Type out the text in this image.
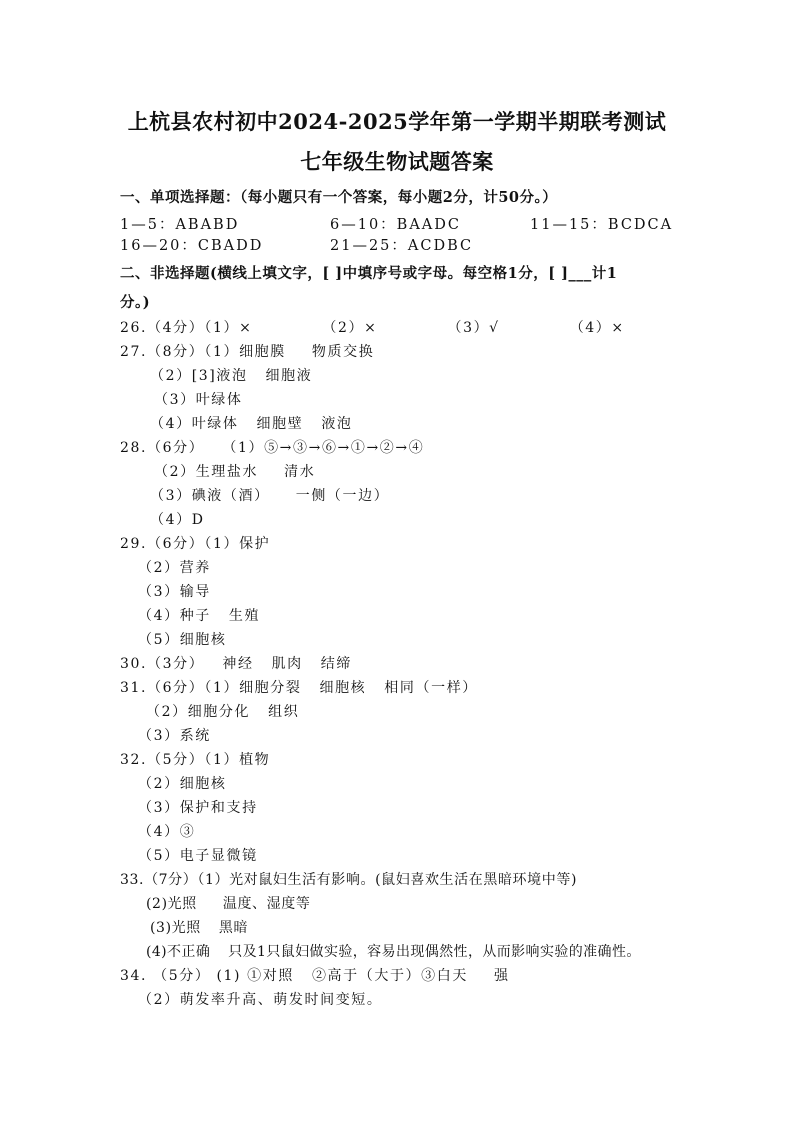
上杭县农村初中2024-2025学年第一学期半期联考测试
七年级生物试题答案
一、单项选择题：（每小题只有一个答案，每小题2分，计50分。）
1—5：ABABD	6—10：BAADC	11—15：BCDCA
16—20：CBADD	21—25：ACDBC
二、非选择题(横线上填文字，[ ]中填序号或字母。每空格1分，[ ]___计1
分。)
26.（4分）（1）×	（2）×	（3）√	（4）×
27.（8分）（1）细胞膜 物质交换
（2）[3]液泡 细胞液
（3）叶绿体
（4）叶绿体 细胞壁 液泡
28.（6分） （1）⑤→③→⑥→①→②→④
（2）生理盐水 清水
（3）碘液（酒） 一侧（一边）
（4）D
29.（6分）（1）保护
（2）营养
（3）输导
（4）种子 生殖
（5）细胞核
30.（3分） 神经 肌肉 结缔
31.（6分）（1）细胞分裂 细胞核 相同（一样）
（2）细胞分化 组织
（3）系统
32.（5分）（1）植物
（2）细胞核
（3）保护和支持
（4）③
（5）电子显微镜
33.（7分）（1）光对鼠妇生活有影响。(鼠妇喜欢生活在黑暗环境中等)
(2)光照 温度、湿度等
(3)光照 黑暗
(4)不正确 只及1只鼠妇做实验，容易出现偶然性，从而影响实验的准确性。
34. （5分） (1) ①对照 ②高于（大于）③白天 强
（2）萌发率升高、萌发时间变短。
